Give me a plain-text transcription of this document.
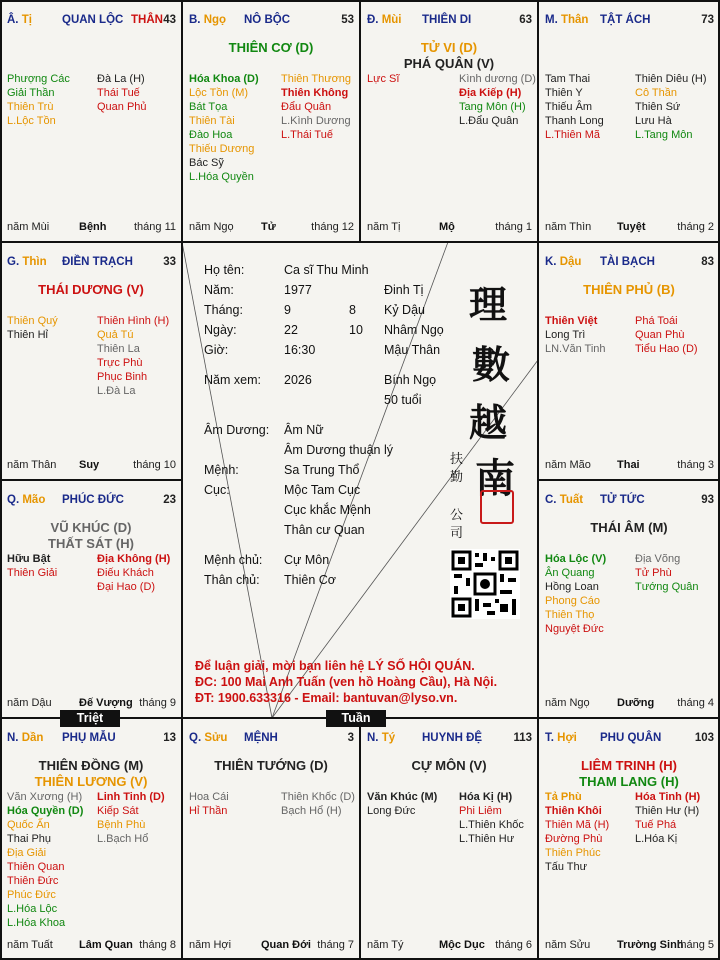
Â. Tị	QUAN LỘC THÂN 43
Phượng Các
Giải Thần
Thiên Trù
L.Lộc Tồn
Đà La (H)
Thái Tuế
Quan Phủ
năm Mùi	Bệnh tháng 11
B. Ngọ NÔ BỘC	53
THIÊN CƠ (D)
Hóa Khoa (D)
Lộc Tồn (M)
Bát Tọa
Thiên Tài
Đào Hoa
Thiếu Dương
Bác Sỹ
L.Hóa Quyền
Thiên Thương
Thiên Không
Đẩu Quân
L.Kình Dương
L.Thái Tuế
năm Ngọ Tử	tháng 12
Đ. Mùi THIÊN DI	63
TỬ VI (D)
PHÁ QUÂN (V)
Lực Sĩ	Kình dương (D)
Địa Kiếp (H)
Tang Môn (H)
L.Đẩu Quân
năm Tị	Mộ	tháng 1
M. Thân TẬT ÁCH	73
Tam Thai
Thiên Y
Thiếu Âm
Thanh Long
L.Thiên Mã
Thiên Diêu (H)
Cô Thần
Thiên Sứ
Lưu Hà
L.Tang Môn
năm Thìn Tuyệt	tháng 2
G. Thìn ĐIỀN TRẠCH	33
THÁI DƯƠNG (V)
Thiên Quý
Thiên Hỉ
Thiên Hình (H)
Quả Tú
Thiên La
Trực Phù
Phục Binh
L.Đà La
năm Thân Suy	tháng 10
K. Dậu TÀI BẠCH	83
THIÊN PHỦ (B)
Thiên Việt
Long Trì
LN.Văn Tinh
Phá Toái
Quan Phù
Tiểu Hao (D)
năm Mão Thai	tháng 3
Q. Mão PHÚC ĐỨC	23
VŨ KHÚC (D)
THẤT SÁT (H)
Hữu Bật
Thiên Giải
Địa Không (H)
Điếu Khách
Đại Hao (D)
năm Dậu Đế Vượng tháng 9
C. Tuất TỬ TỨC	93
THÁI ÂM (M)
Hóa Lộc (V)
Ân Quang
Hồng Loan
Phong Cáo
Thiên Thọ
Nguyệt Đức
Địa Võng
Tử Phù
Tướng Quân
năm Ngọ Dưỡng tháng 4
N. Dần PHỤ MẪU	13
THIÊN ĐỒNG (M)
THIÊN LƯƠNG (V)
Văn Xương (H)
Hóa Quyền (D)
Quốc Ấn
Thai Phụ
Địa Giải
Thiên Quan
Thiên Đức
Phúc Đức
L.Hóa Lộc
L.Hóa Khoa
Linh Tinh (D)
Kiếp Sát
Bệnh Phù
L.Bạch Hổ
năm Tuất Lâm Quan tháng 8
Q. Sửu MỆNH	3
THIÊN TƯỚNG (D)
Hoa Cái
Hỉ Thần
Thiên Khốc (D)
Bạch Hổ (H)
năm Hợi	Quan Đới tháng 7
N. Tý HUYNH ĐỆ	113
CỰ MÔN (V)
Văn Khúc (M)
Long Đức
Hóa Kị (H)
Phi Liêm
L.Thiên Khốc
L.Thiên Hư
năm Tý	Mộc Dục tháng 6
T. Hợi PHU QUÂN	103
LIÊM TRINH (H)
THAM LANG (H)
Tả Phù
Thiên Khôi
Thiên Mã (H)
Đường Phù
Thiên Phúc
Tấu Thư
Hóa Tinh (H)
Thiên Hư (H)
Tuế Phá
L.Hóa Kị
năm Sửu Trường Sinh
tháng 5
Họ tên:	Ca sĩ Thu Minh
Năm:	1977	Đinh Tị
Tháng:	9	8 Kỷ Dậu
Ngày:	22	10 Nhâm Ngọ
Giờ:	16:30	Mậu Thân
Năm xem: 2026	Bính Ngọ
50 tuổi
Âm Dương: Âm Nữ
Âm Dương thuận lý
Mệnh:	Sa Trung Thổ
Cục:	Mộc Tam Cục
Cục khắc Mệnh
Thân cư Quan
Mệnh chủ: Cự Môn
Thân chủ: Thiên Cơ
理
數
越
南
扶
勤
公
司
Để luận giải, mời bạn liên hệ LÝ SỐ HỘI QUÁN.
ĐC: 100 Mai Anh Tuấn (ven hồ Hoàng Cầu), Hà Nội.
ĐT: 1900.633316 - Email: bantuvan@lyso.vn.
Triệt	Tuần
